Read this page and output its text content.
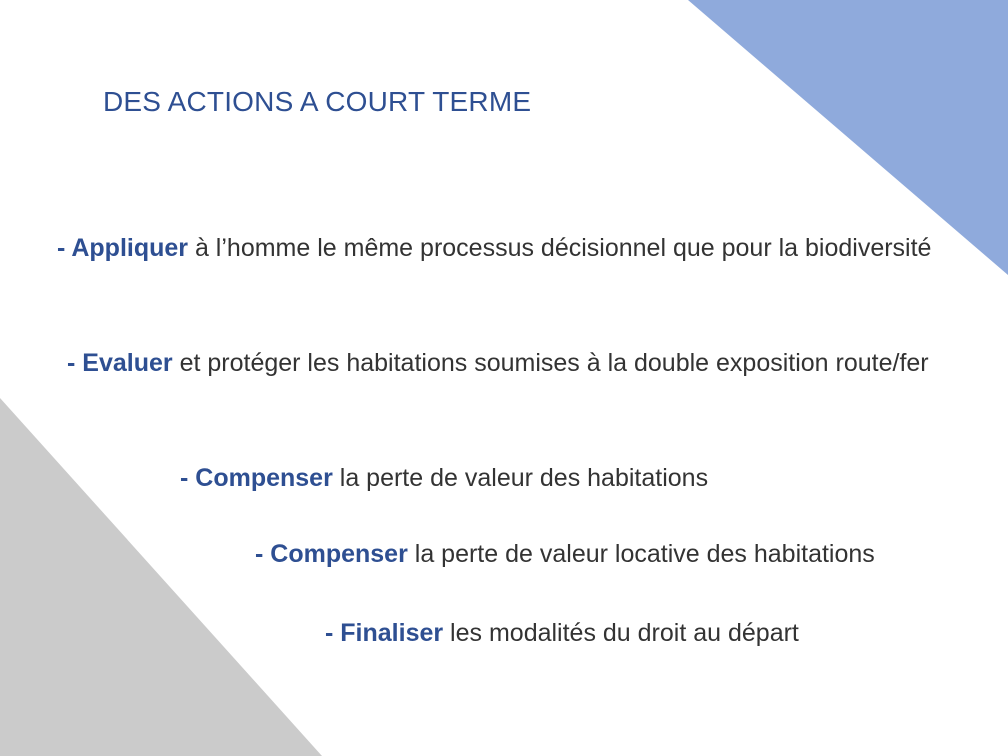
DES ACTIONS A COURT TERME
- Appliquer à l’homme le même processus décisionnel que pour la biodiversité
- Evaluer et protéger les habitations soumises à la double exposition route/fer
- Compenser la perte de valeur des habitations
- Compenser la perte de valeur locative des habitations
- Finaliser les modalités du droit au départ
